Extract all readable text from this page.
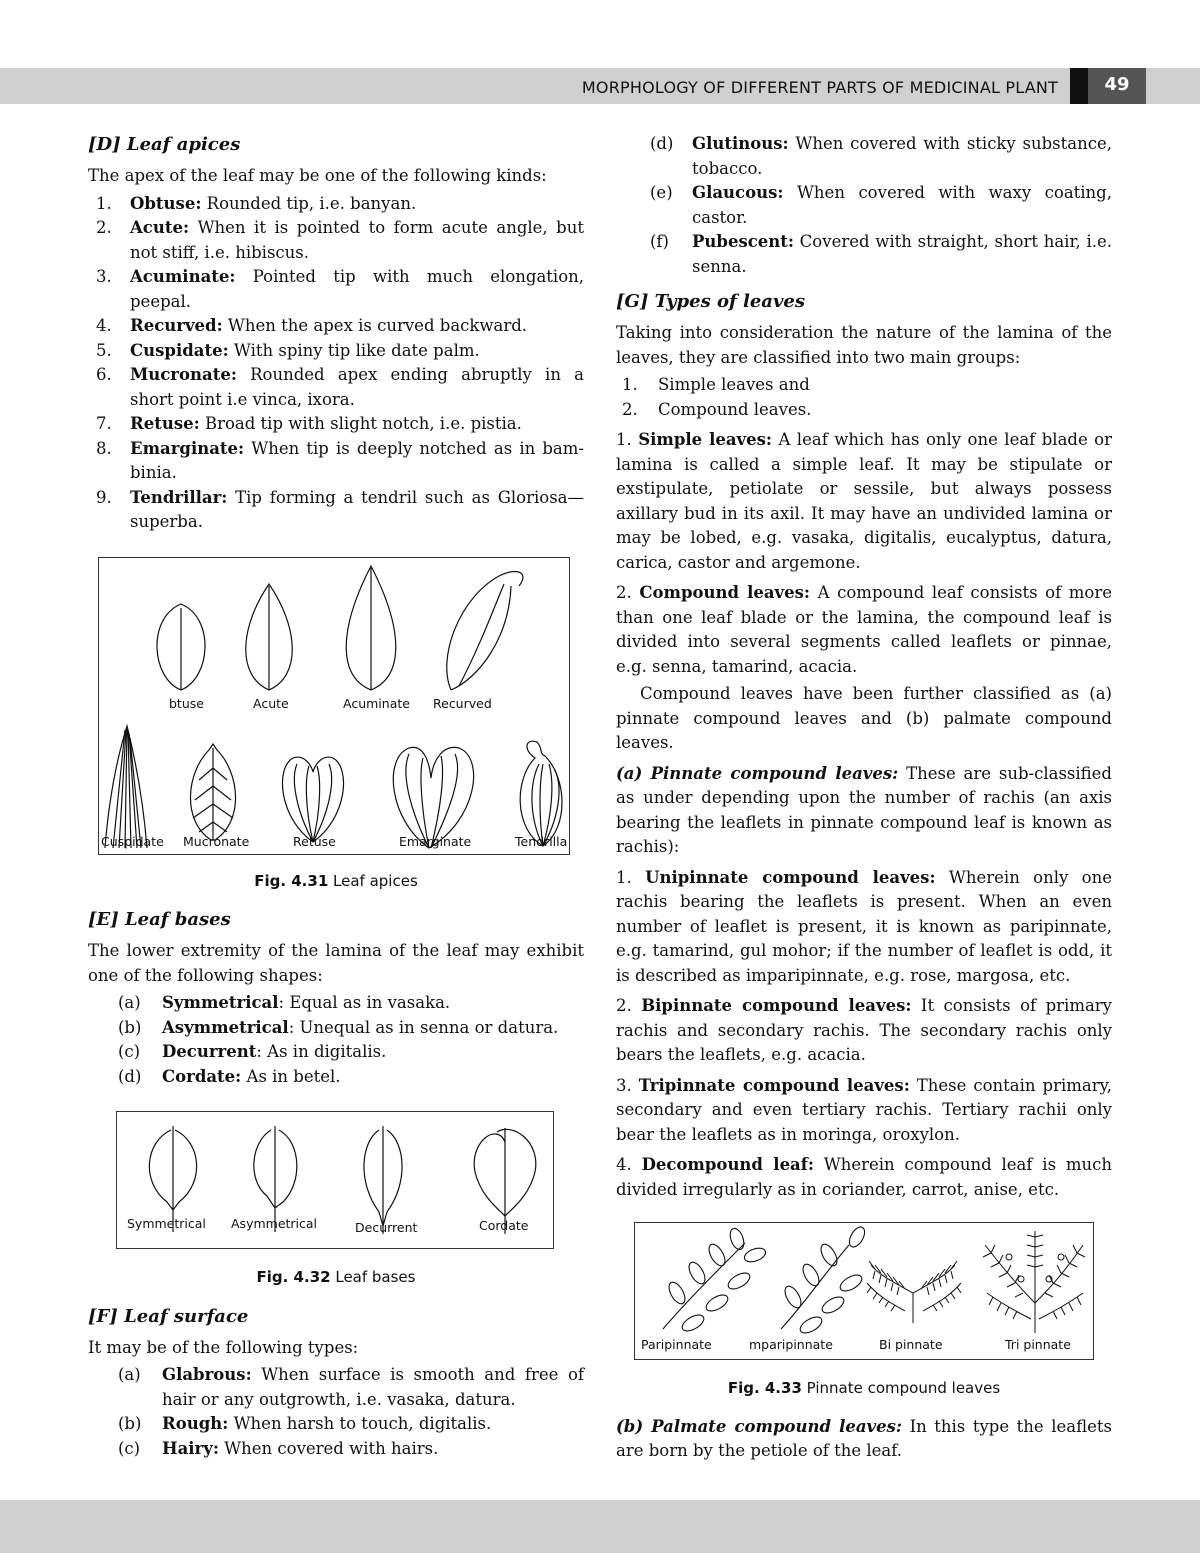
MORPHOLOGY OF DIFFERENT PARTS OF MEDICINAL PLANT	49
[D] Leaf apices

The apex of the leaf may be one of the following kinds:

1.	Obtuse: Rounded tip, i.e. banyan.
2.	Acute: When it is pointed to form acute angle, but not stiff, i.e. hibiscus.
3.	Acuminate: Pointed tip with much elongation, peepal.
4.	Recurved: When the apex is curved backward.
5.	Cuspidate: With spiny tip like date palm.
6.	Mucronate: Rounded apex ending abruptly in a short point i.e vinca, ixora.
7.	Retuse: Broad tip with slight notch, i.e. pistia.
8.	Emarginate: When tip is deeply notched as in bam-binia.
9.	Tendrillar: Tip forming a tendril such as Gloriosa—superba.
btuse	Acute	Acuminate Recurved
Cuspidate Mucronate	Retuse	Emarginate	Tendrilla
Fig. 4.31 Leaf apices
[E] Leaf bases

The lower extremity of the lamina of the leaf may exhibit one of the following shapes:

(a)	Symmetrical: Equal as in vasaka.
(b)	Asymmetrical: Unequal as in senna or datura.
(c)	Decurrent: As in digitalis.
(d)	Cordate: As in betel.
Symmetrical Asymmetrical	Decurrent	Cordate
Fig. 4.32 Leaf bases
[F] Leaf surface

It may be of the following types:

(a)	Glabrous: When surface is smooth and free of hair or any outgrowth, i.e. vasaka, datura.
(b)	Rough: When harsh to touch, digitalis.
(c)	Hairy: When covered with hairs.
(d)	Glutinous: When covered with sticky substance, tobacco.
(e)	Glaucous: When covered with waxy coating, castor.
(f)	Pubescent: Covered with straight, short hair, i.e. senna.
[G] Types of leaves

Taking into consideration the nature of the lamina of the leaves, they are classified into two main groups:

1.	Simple leaves and
2.	Compound leaves.

1. Simple leaves: A leaf which has only one leaf blade or lamina is called a simple leaf. It may be stipulate or exstipulate, petiolate or sessile, but always possess axillary bud in its axil. It may have an undivided lamina or may be lobed, e.g. vasaka, digitalis, eucalyptus, datura, carica, castor and argemone.

2. Compound leaves: A compound leaf consists of more than one leaf blade or the lamina, the compound leaf is divided into several segments called leaflets or pinnae, e.g. senna, tamarind, acacia.

Compound leaves have been further classified as (a) pinnate compound leaves and (b) palmate compound leaves.

(a) Pinnate compound leaves: These are sub-classified as under depending upon the number of rachis (an axis bearing the leaflets in pinnate compound leaf is known as rachis):

1. Unipinnate compound leaves: Wherein only one rachis bearing the leaflets is present. When an even number of leaflet is present, it is known as paripinnate, e.g. tamarind, gul mohor; if the number of leaflet is odd, it is described as imparipinnate, e.g. rose, margosa, etc.

2. Bipinnate compound leaves: It consists of primary rachis and secondary rachis. The secondary rachis only bears the leaflets, e.g. acacia.

3. Tripinnate compound leaves: These contain primary, secondary and even tertiary rachis. Tertiary rachii only bear the leaflets as in moringa, oroxylon.

4. Decompound leaf: Wherein compound leaf is much divided irregularly as in coriander, carrot, anise, etc.

Paripinnate	mparipinnate	Bi pinnate	Tri pinnate
Fig. 4.33 Pinnate compound leaves

(b) Palmate compound leaves: In this type the leaflets are born by the petiole of the leaf.
